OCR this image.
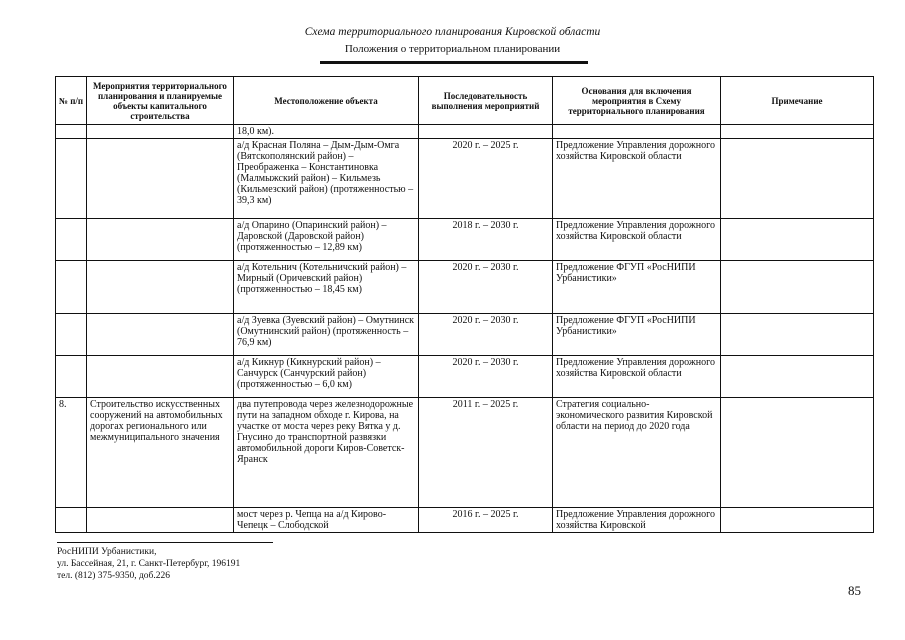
Схема территориального планирования Кировской области
Положения о территориальном планировании
№ п/п	Мероприятия территориального планирования и планируемые объекты капитального строительства	Местоположение объекта	Последовательность выполнения мероприятий	Основания для включения мероприятия в Схему территориального планирования	Примечание
		18,0 км).			
		а/д Красная Поляна – Дым-Дым-Омга (Вятскополянский район) – Преображенка – Константиновка (Малмыжский район) – Кильмезь (Кильмезский район) (протяженностью – 39,3 км)	2020 г. – 2025 г.	Предложение Управления дорожного хозяйства Кировской области	
		а/д Опарино (Опаринский район) – Даровской (Даровской район) (протяженностью – 12,89 км)	2018 г. – 2030 г.	Предложение Управления дорожного хозяйства Кировской области	
		а/д Котельнич (Котельничский район) – Мирный (Оричевский район) (протяженностью – 18,45 км)	2020 г. – 2030 г.	Предложение ФГУП «РосНИПИ Урбанистики»	
		а/д Зуевка (Зуевский район) – Омутнинск (Омутнинский район) (протяженность – 76,9 км)	2020 г. – 2030 г.	Предложение ФГУП «РосНИПИ Урбанистики»	
		а/д Кикнур (Кикнурский район) – Санчурск (Санчурский район) (протяженностью – 6,0 км)	2020 г. – 2030 г.	Предложение Управления дорожного хозяйства Кировской области	
8.	Строительство искусственных сооружений на автомобильных дорогах регионального или межмуниципального значения	два путепровода через железнодорожные пути на западном обходе г. Кирова, на участке от моста через реку Вятка у д. Гнусино до транспортной развязки автомобильной дороги Киров-Советск-Яранск	2011 г. – 2025 г.	Стратегия социально-экономического развития Кировской области на период до 2020 года	
		мост через р. Чепца на а/д Кирово-Чепецк – Слободской	2016 г. – 2025 г.	Предложение Управления дорожного хозяйства Кировской	
РосНИПИ Урбанистики,
ул. Бассейная, 21, г. Санкт-Петербург, 196191
тел. (812) 375-9350, доб.226
85
